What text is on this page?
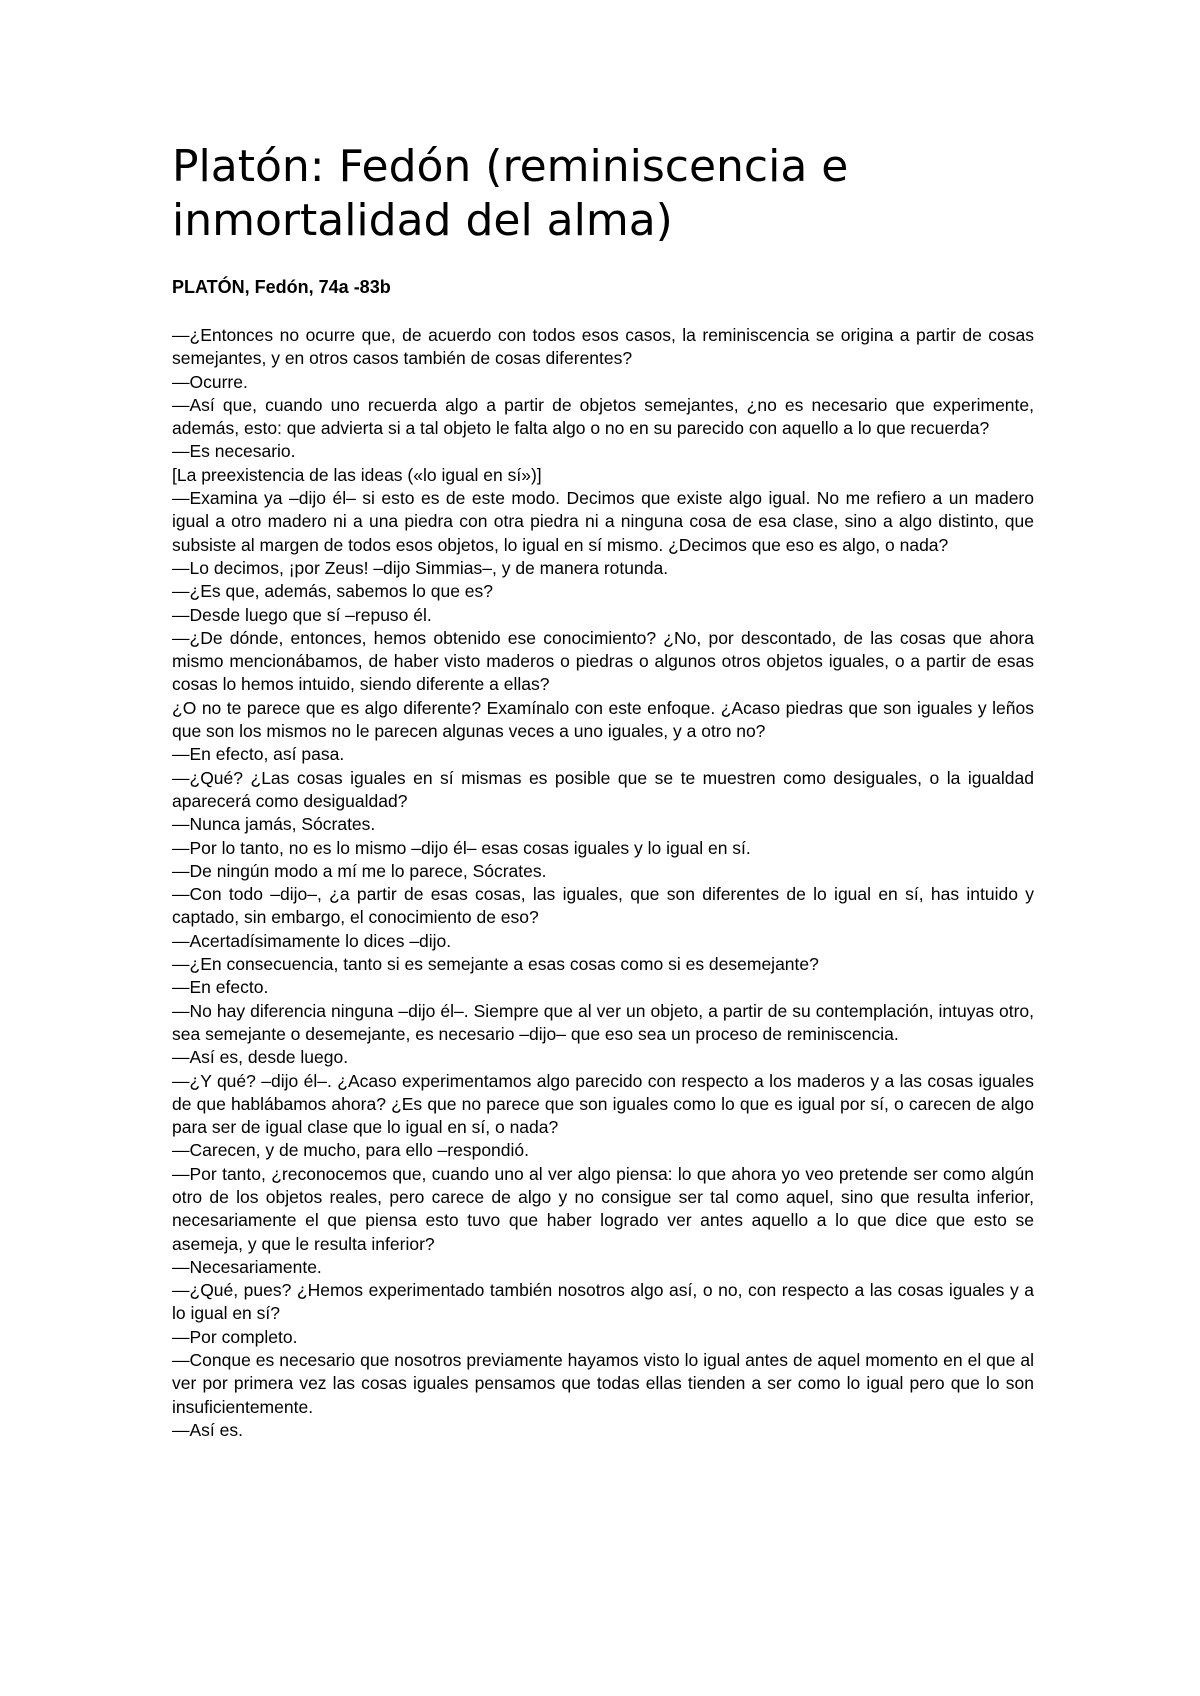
Platón: Fedón (reminiscencia e inmortalidad del alma)
PLATÓN, Fedón, 74a -83b

—¿Entonces no ocurre que, de acuerdo con todos esos casos, la reminiscencia se origina a partir de cosas semejantes, y en otros casos también de cosas diferentes?

—Ocurre.

—Así que, cuando uno recuerda algo a partir de objetos semejantes, ¿no es necesario que experimente, además, esto: que advierta si a tal objeto le falta algo o no en su parecido con aquello a lo que recuerda?

—Es necesario.

[La preexistencia de las ideas («lo igual en sí»)]

—Examina ya –dijo él– si esto es de este modo. Decimos que existe algo igual. No me refiero a un madero igual a otro madero ni a una piedra con otra piedra ni a ninguna cosa de esa clase, sino a algo distinto, que subsiste al margen de todos esos objetos, lo igual en sí mismo. ¿Decimos que eso es algo, o nada?

—Lo decimos, ¡por Zeus! –dijo Simmias–, y de manera rotunda.

—¿Es que, además, sabemos lo que es?

—Desde luego que sí –repuso él.

—¿De dónde, entonces, hemos obtenido ese conocimiento? ¿No, por descontado, de las cosas que ahora mismo mencionábamos, de haber visto maderos o piedras o algunos otros objetos iguales, o a partir de esas cosas lo hemos intuido, siendo diferente a ellas?

¿O no te parece que es algo diferente? Examínalo con este enfoque. ¿Acaso piedras que son iguales y leños que son los mismos no le parecen algunas veces a uno iguales, y a otro no?

—En efecto, así pasa.

—¿Qué? ¿Las cosas iguales en sí mismas es posible que se te muestren como desiguales, o la igualdad aparecerá como desigualdad?

—Nunca jamás, Sócrates.

—Por lo tanto, no es lo mismo –dijo él– esas cosas iguales y lo igual en sí.

—De ningún modo a mí me lo parece, Sócrates.

—Con todo –dijo–, ¿a partir de esas cosas, las iguales, que son diferentes de lo igual en sí, has intuido y captado, sin embargo, el conocimiento de eso?

—Acertadísimamente lo dices –dijo.

—¿En consecuencia, tanto si es semejante a esas cosas como si es desemejante?

—En efecto.

—No hay diferencia ninguna –dijo él–. Siempre que al ver un objeto, a partir de su contemplación, intuyas otro, sea semejante o desemejante, es necesario –dijo– que eso sea un proceso de reminiscencia.

—Así es, desde luego.

—¿Y qué? –dijo él–. ¿Acaso experimentamos algo parecido con respecto a los maderos y a las cosas iguales de que hablábamos ahora? ¿Es que no parece que son iguales como lo que es igual por sí, o carecen de algo para ser de igual clase que lo igual en sí, o nada?

—Carecen, y de mucho, para ello –respondió.

—Por tanto, ¿reconocemos que, cuando uno al ver algo piensa: lo que ahora yo veo pretende ser como algún otro de los objetos reales, pero carece de algo y no consigue ser tal como aquel, sino que resulta inferior, necesariamente el que piensa esto tuvo que haber logrado ver antes aquello a lo que dice que esto se asemeja, y que le resulta inferior?

—Necesariamente.

—¿Qué, pues? ¿Hemos experimentado también nosotros algo así, o no, con respecto a las cosas iguales y a lo igual en sí?

—Por completo.

—Conque es necesario que nosotros previamente hayamos visto lo igual antes de aquel momento en el que al ver por primera vez las cosas iguales pensamos que todas ellas tienden a ser como lo igual pero que lo son insuficientemente.

—Así es.
